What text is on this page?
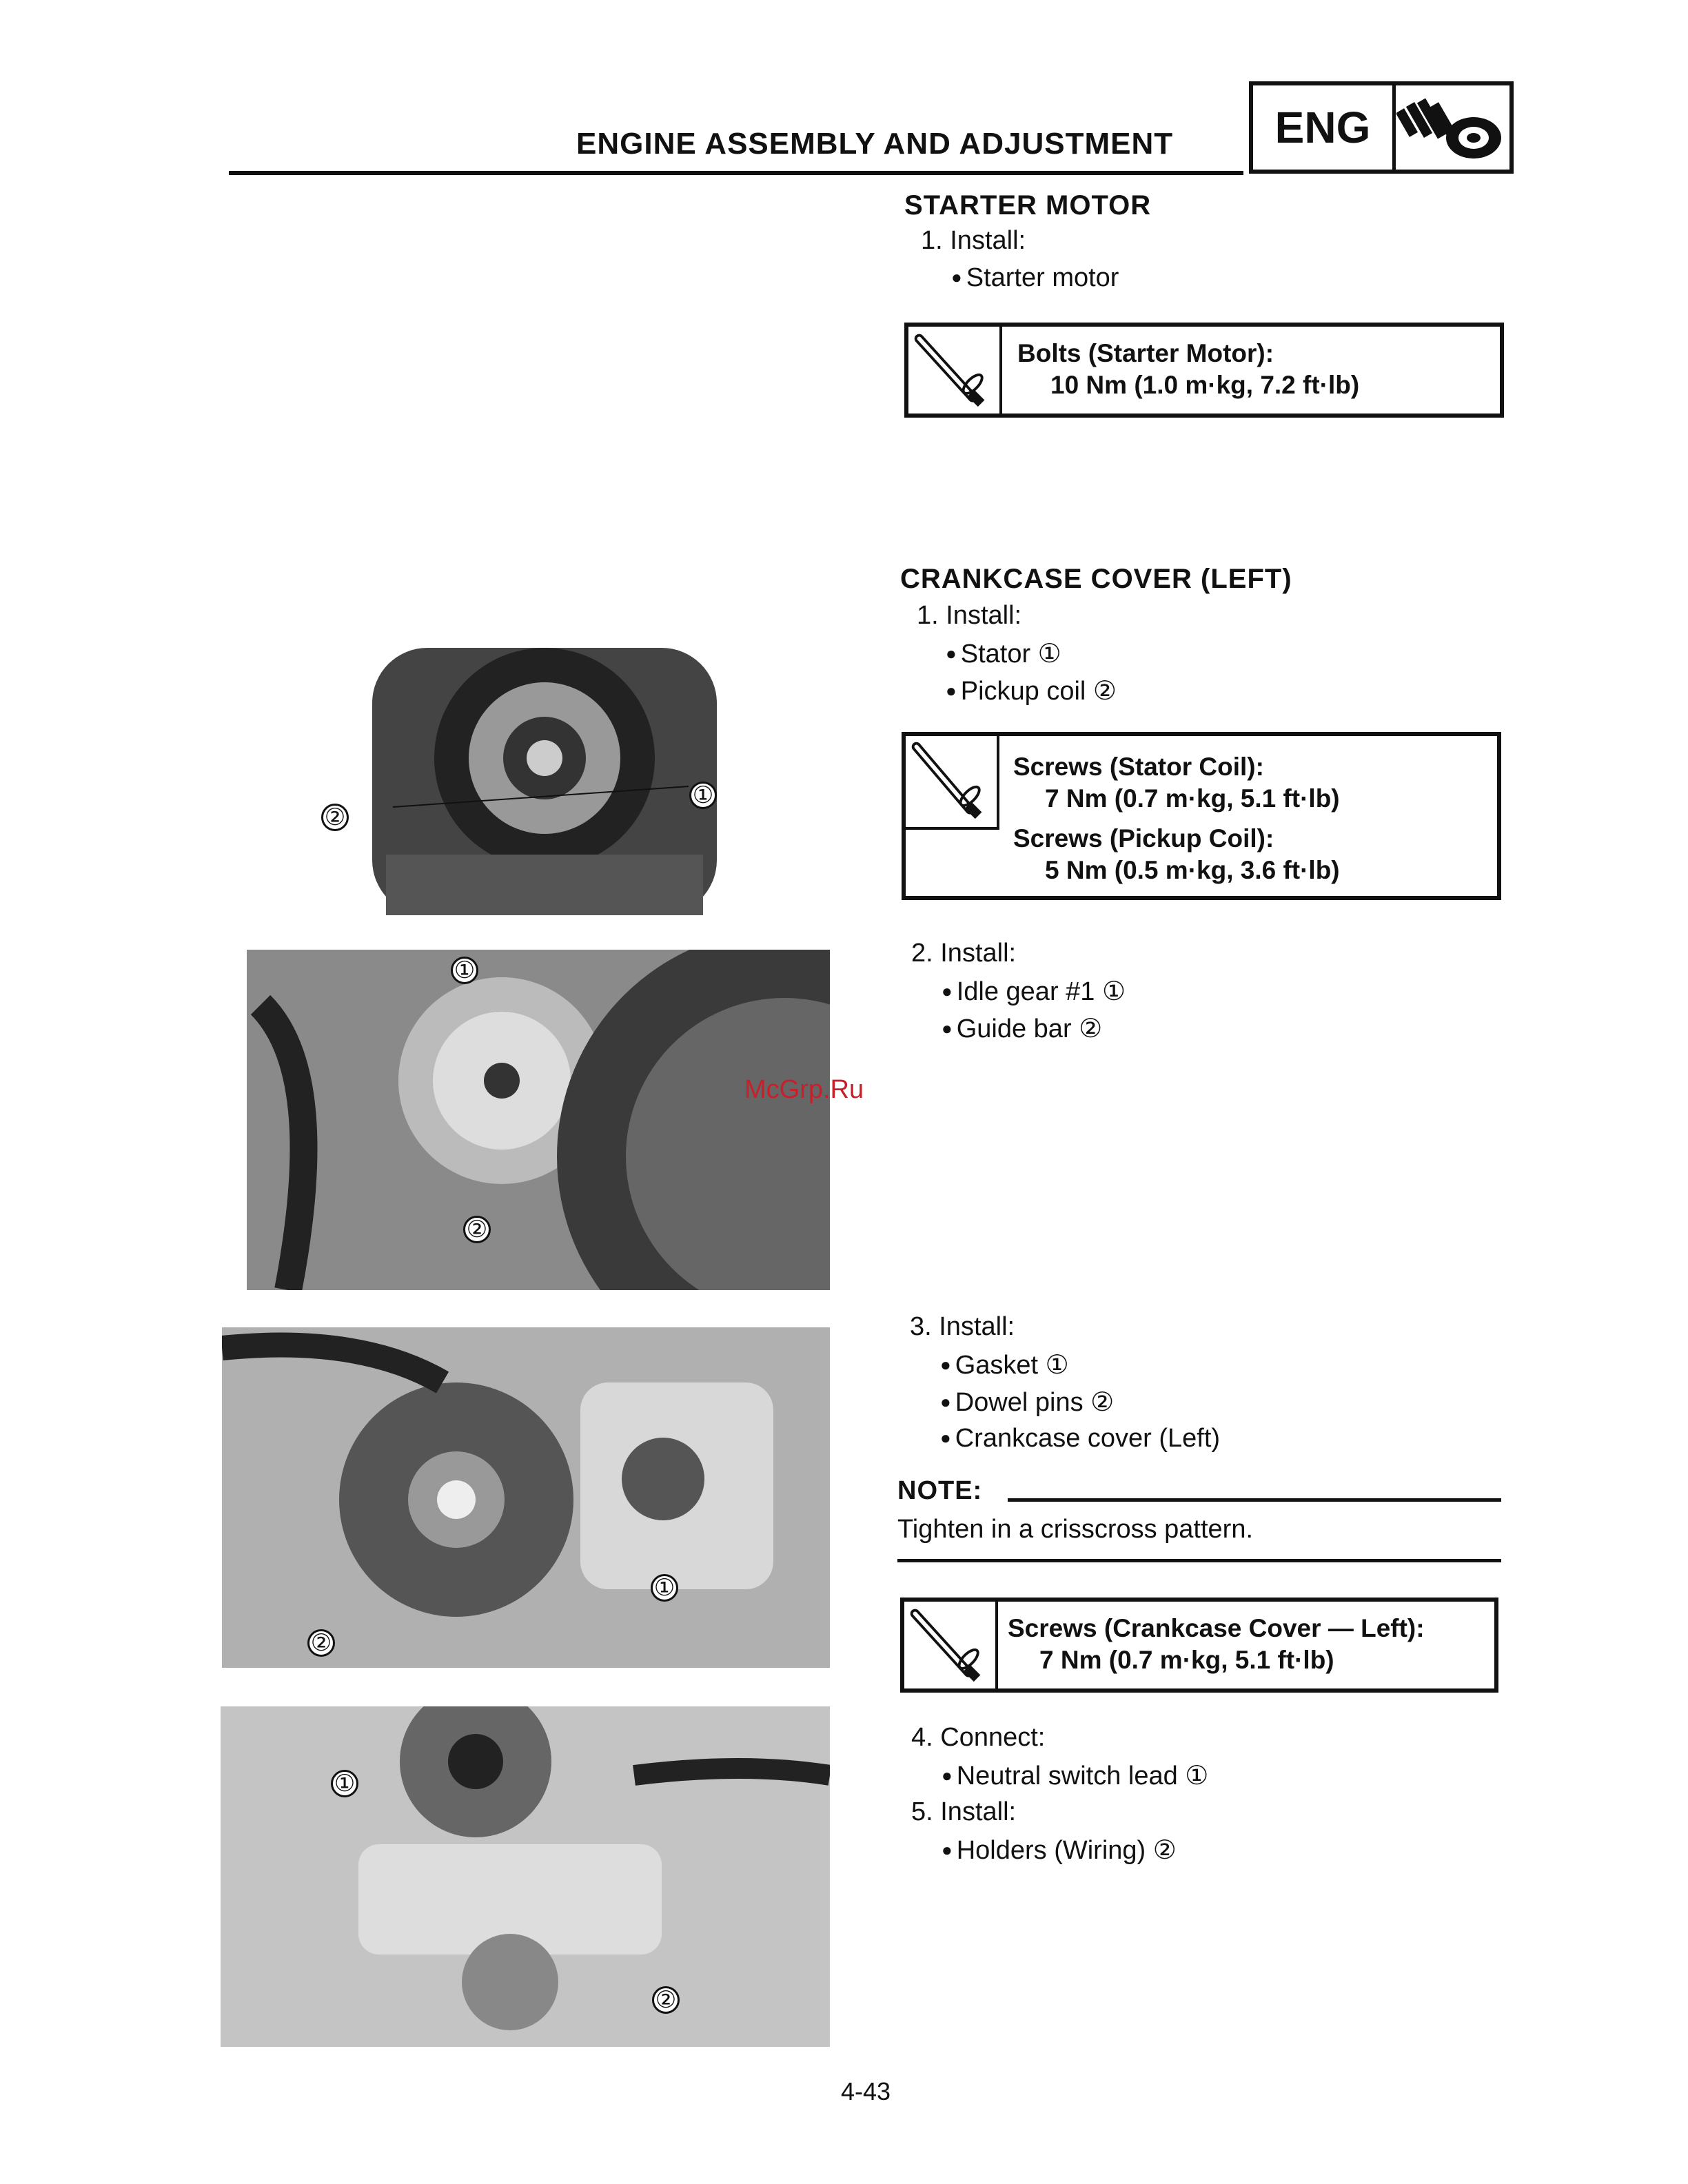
ENGINE ASSEMBLY AND ADJUSTMENT	ENG
STARTER MOTOR
1. Install:
● Starter motor
Bolts (Starter Motor):
10 Nm (1.0 m·kg, 7.2 ft·lb)
CRANKCASE COVER (LEFT)
1. Install:
● Stator ①
● Pickup coil ②
Screws (Stator Coil):
7 Nm (0.7 m·kg, 5.1 ft·lb)
Screws (Pickup Coil):
5 Nm (0.5 m·kg, 3.6 ft·lb)
2. Install:
● Idle gear #1 ①
● Guide bar ②
3. Install:
● Gasket ①
● Dowel pins ②
● Crankcase cover (Left)
NOTE:
Tighten in a crisscross pattern.
Screws (Crankcase Cover — Left):
7 Nm (0.7 m·kg, 5.1 ft·lb)
4. Connect:
● Neutral switch lead ①
5. Install:
● Holders (Wiring) ②
②
①
①
②
②
①
①
②
McGrp.Ru
4-43
